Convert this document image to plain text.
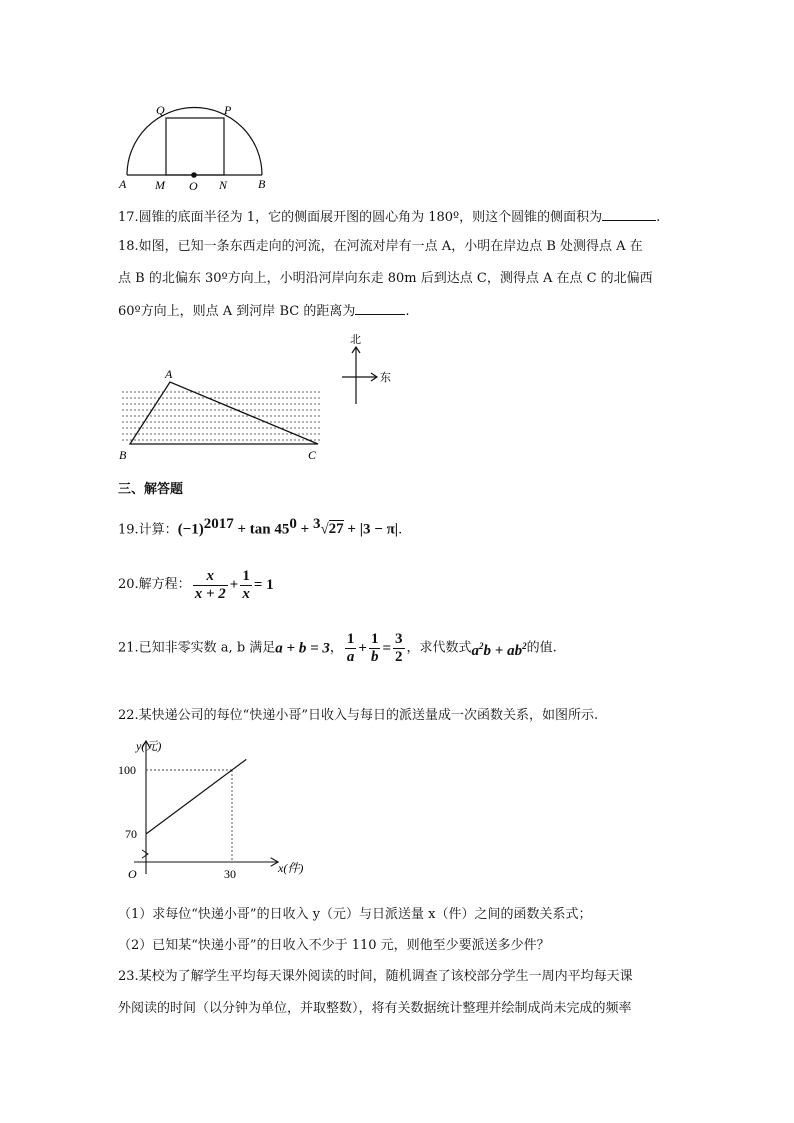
Q	P
A M O N	B
17.圆锥的底面半径为 1，它的侧面展开图的圆心角为 180º，则这个圆锥的侧面积为	.
18.如图，已知一条东西走向的河流，在河流对岸有一点 A，小明在岸边点 B 处测得点 A 在
点 B 的北偏东 30º方向上，小明沿河岸向东走 80m 后到达点 C，测得点 A 在点 C 的北偏西
60º方向上，则点 A 到河岸 BC 的距离为	.
A
B	C
北
东
三、解答题
19.计算：$(-1)^{2017} + \tan 45^0 + ^3√27 + |3 - \pi|$.
20.解方程： $\frac{x}{x + 2} + \frac{1}{x} = 1$
21.已知非零实数 a, b 满足a + b = 3， $\frac{1}{a} + \frac{1}{b} = \frac{3}{2}$ ，求代数式$a^2b + ab^2$的值.
22.某快递公司的每位“快递小哥”日收入与每日的派送量成一次函数关系，如图所示.
y(元)
x(件)
O
100
70
30
（1）求每位“快递小哥”的日收入 y（元）与日派送量 x（件）之间的函数关系式；
（2）已知某“快递小哥”的日收入不少于 110 元，则他至少要派送多少件？
23.某校为了解学生平均每天课外阅读的时间，随机调查了该校部分学生一周内平均每天课
外阅读的时间（以分钟为单位，并取整数），将有关数据统计整理并绘制成尚未完成的频率
